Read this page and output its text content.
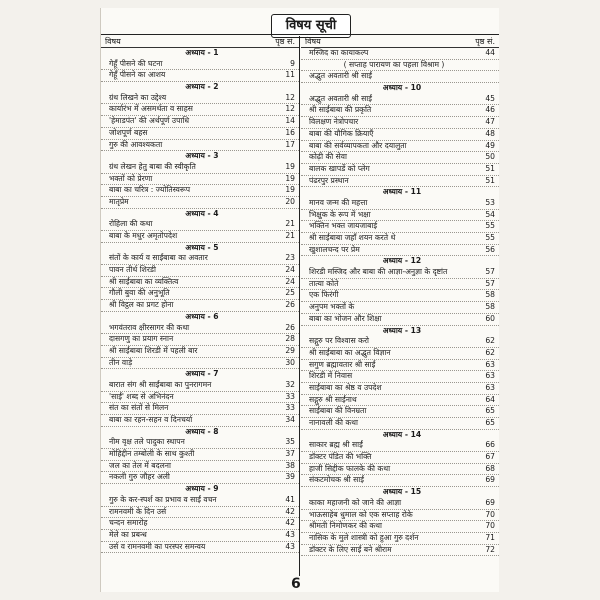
विषय सूची
विषय	पृष्ठ सं.
अध्याय - 1
गेहूँ पीसने की घटना	9
गेहूँ पीसने का आशय	11
अध्याय - 2
ग्रंथ लिखने का उद्देश्य	12
कार्यारंभ में असमर्थता व साहस	12
'हेमाडपंत' की अर्थपूर्ण उपाधि	14
जोशपूर्ण बहस	16
गुरु की आवश्यकता	17
अध्याय - 3
ग्रंथ लेखन हेतु बाबा की स्वीकृति	19
भक्तों को प्रेरणा	19
बाबा का चरित्र : ज्योतिस्वरूप	19
मातृप्रेम	20
अध्याय - 4
रोहिला की कथा	21
बाबा के मधुर अमृतोपदेश	21
अध्याय - 5
संतों के कार्य व साईंबाबा का अवतार	23
पावन तीर्थ शिरडी	24
श्री साईंबाबा का व्यक्तित्व	24
गौली बुवा की अनुभूति	25
श्री विट्ठल का प्रगट होना	26
अध्याय - 6
भगवंतराव क्षीरसागर की कथा	26
दासगणु का प्रयाग स्नान	28
श्री साईंबाबा शिरडी में पहली बार	29
तीन वाड़े	30
अध्याय - 7
बारात संग श्री साईंबाबा का पुनरागमन	32
'साईं' शब्द से अभिनंदन	33
संत का संतों से मिलन	33
बाबा का रहन-सहन व दिनचर्या	34
अध्याय - 8
नीम वृक्ष तले पादुका स्थापन	35
मोहिद्दीन तम्बोली के साथ कुश्ती	37
जल का तेल में बदलना	38
नकली गुरु जौहर अली	39
अध्याय - 9
गुरु के कर-स्पर्श का प्रभाव व साईं वचन	41
रामनवमी के दिन उर्स	42
चन्दन समारोह	42
मेले का प्रबन्ध	43
उर्स व रामनवमी का परस्पर समन्वय	43
विषय	पृष्ठ सं.
मस्जिद का कायाकल्प	44
( सप्ताह पारायण का पहला विश्राम )
अद्भुत अवतारी श्री साईं
अध्याय - 10
अद्भुत अवतारी श्री साईं	45
श्री साईंबाबा की प्रकृति	46
विलक्षण नेत्रोपचार	47
बाबा की यौगिक क्रियाएँ	48
बाबा की सर्वव्यापकता और दयालुता	49
कोढ़ी की सेवा	50
बालक खापर्डे को प्लेग	51
पंढरपुर प्रस्थान	51
अध्याय - 11
मानव जन्म की महत्ता	53
भिक्षुक के रूप में भक्षा	54
भक्तिन भक्त जायजाबाई	55
श्री साईंबाबा जहाँ शयन करते थे	55
खुशालचन्द पर प्रेम	56
अध्याय - 12
शिरडी मस्जिद और बाबा की आज्ञा-अनुज्ञा के दृष्टांत	57
तात्या कोते	57
एक फिरंगी	58
अनुपम भक्तों के	58
बाबा का भोजन और शिक्षा	60
अध्याय - 13
सद्गुरु पर विश्वास करो	62
श्री साईंबाबा का अद्भुत विज्ञान	62
सगुण ब्रह्मावतार श्री साईं	63
शिरडी में निवास	63
साईंबाबा का श्रेष्ठ व उपदेश	63
सद्गुरु श्री साईंनाथ	64
साईंबाबा की विनम्रता	65
नानावली की कथा	65
अध्याय - 14
साकार ब्रह्म श्री साईं	66
डॉक्टर पंडित की भक्ति	67
हाजी सिद्दीक फालके की कथा	68
संकटमोचक श्री साईं	69
अध्याय - 15
काका महाजनी को जाने की आज्ञा	69
भाऊसाहेब धुमाल को एक सप्ताह रोके	70
श्रीमती निमोणकर की कथा	70
नासिक के मुले शास्त्री को हुआ गुरु दर्शन	71
डॉक्टर के लिए साईं बने श्रीराम	72
6
